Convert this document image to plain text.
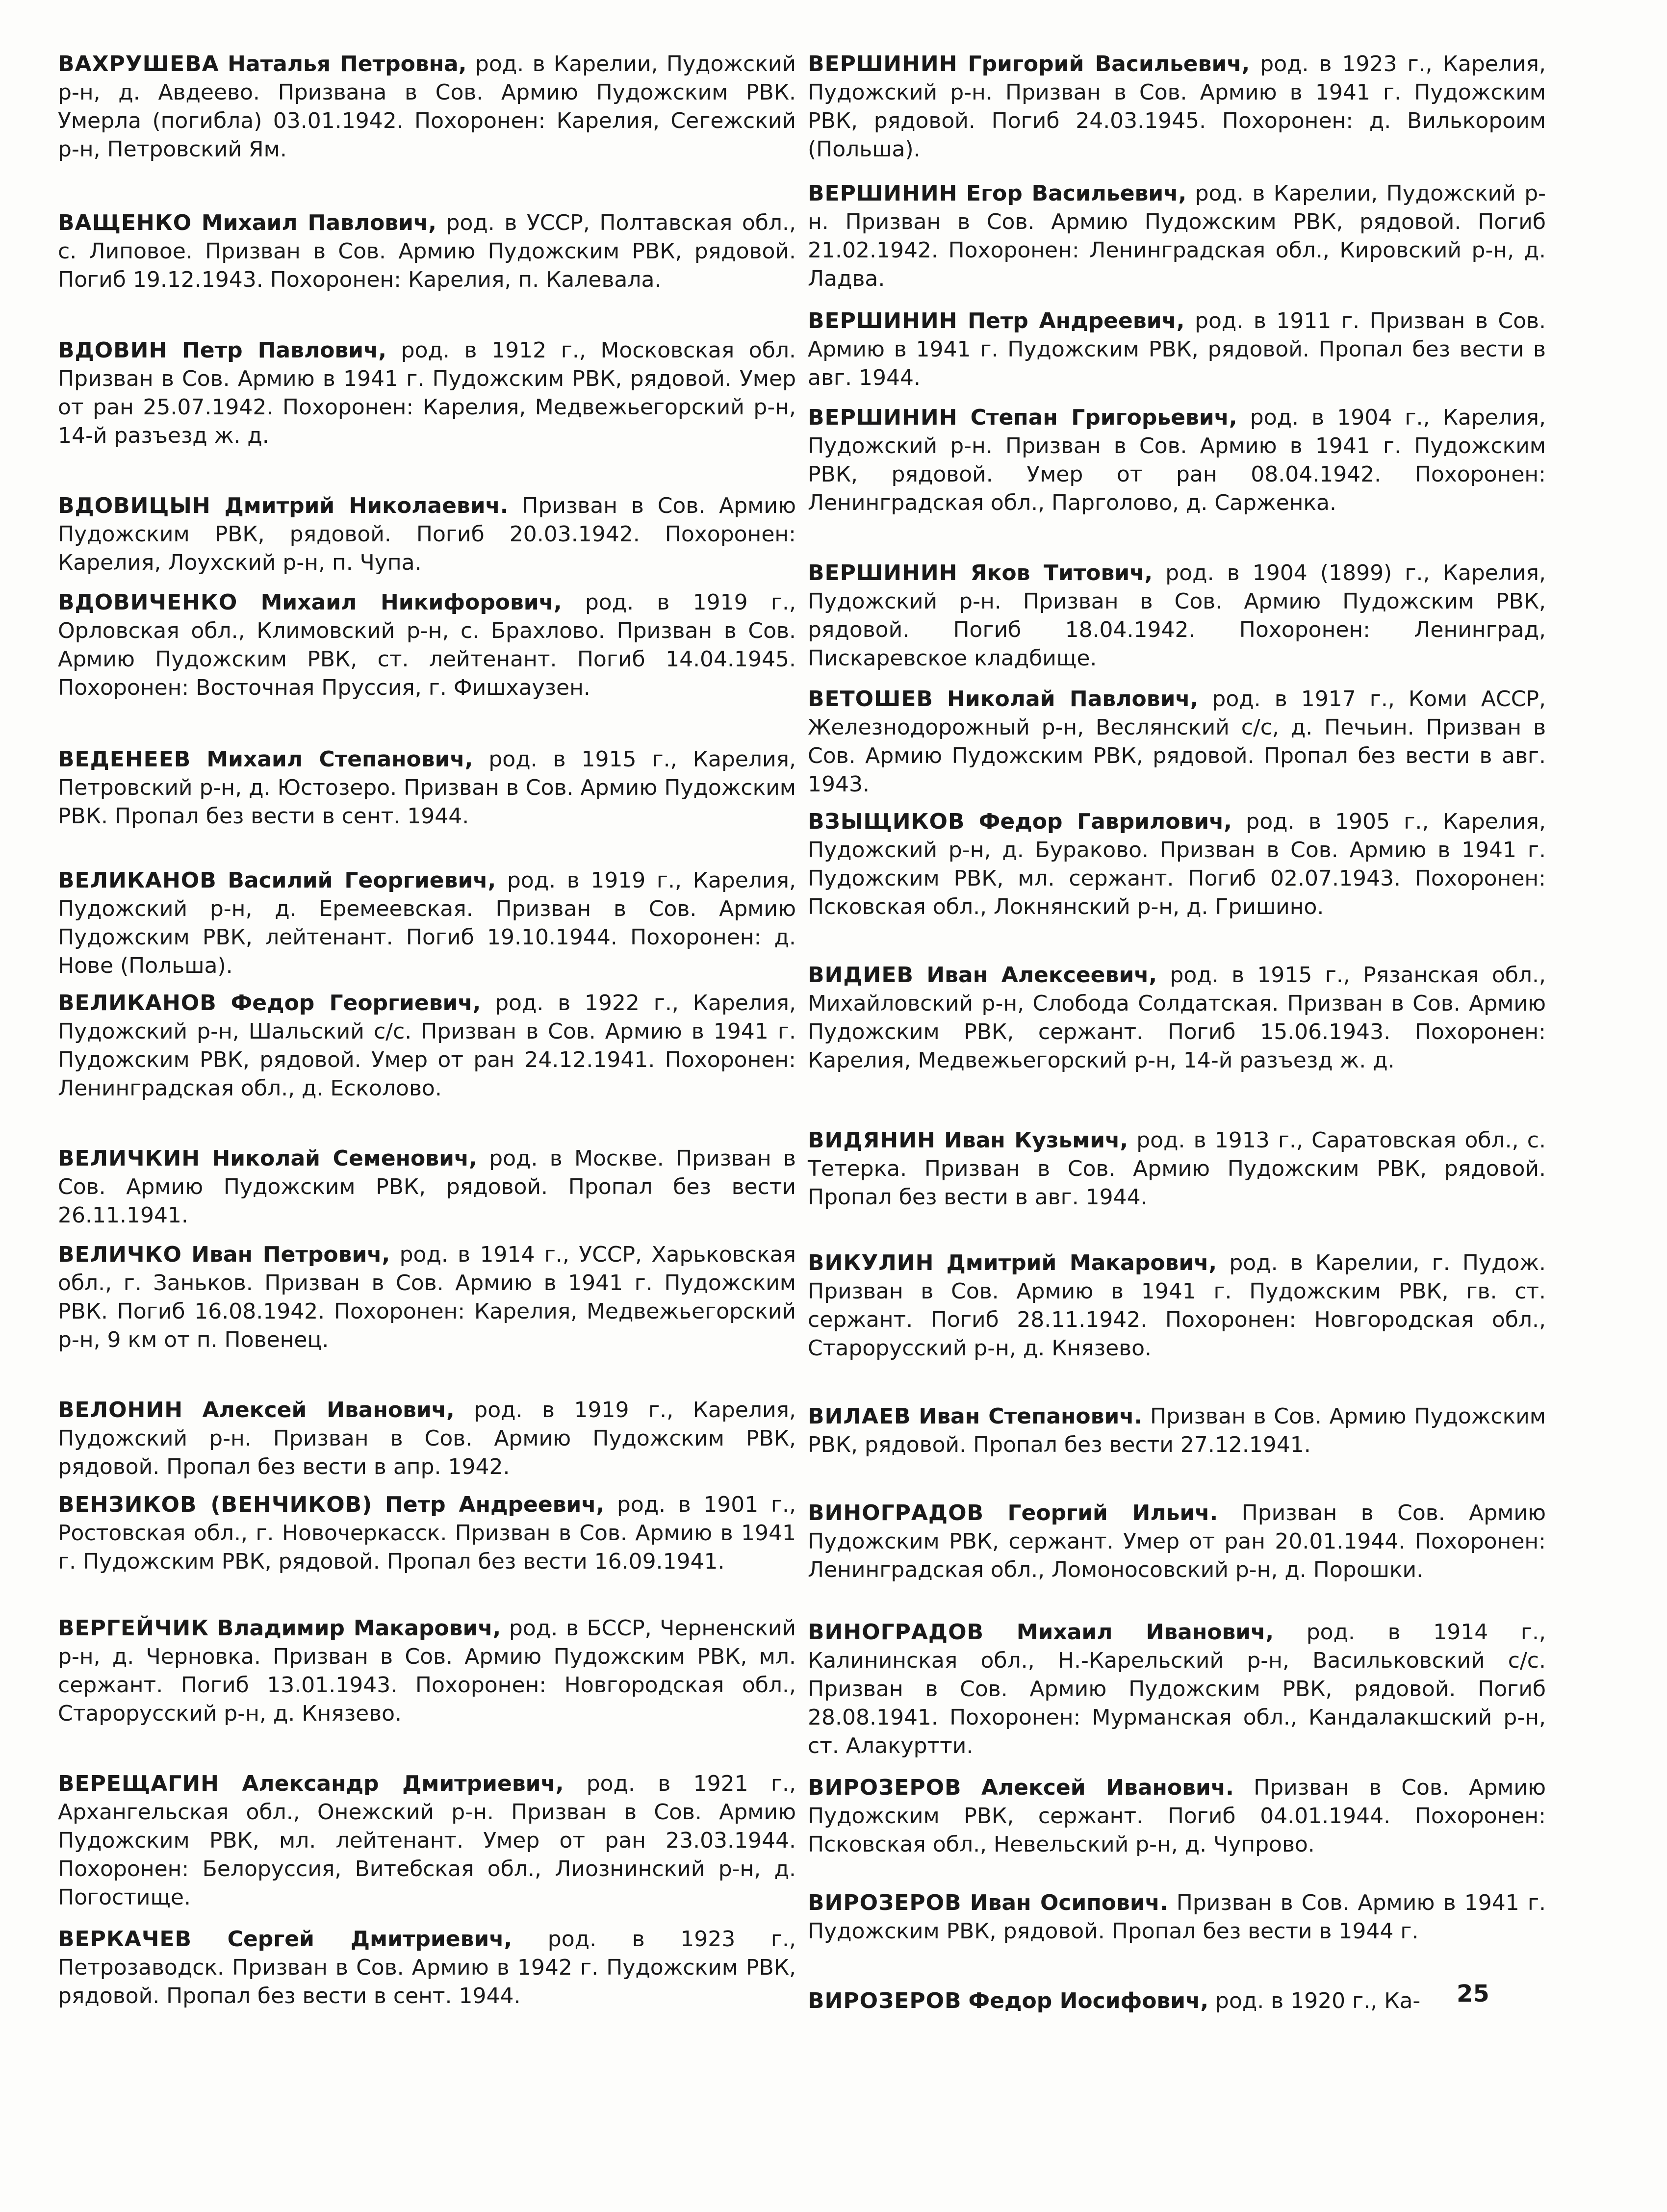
ВАХРУШЕВА Наталья Петровна, род. в Карелии, Пудожский р-н, д. Авдеево. Призвана в Сов. Армию Пудожским РВК. Умерла (погибла) 03.01.1942. Похоронен: Карелия, Сегежский р-н, Петровский Ям.

ВАЩЕНКО Михаил Павлович, род. в УССР, Полтавская обл., с. Липовое. Призван в Сов. Армию Пудожским РВК, рядовой. Погиб 19.12.1943. Похоронен: Карелия, п. Калевала.

ВДОВИН Петр Павлович, род. в 1912 г., Московская обл. Призван в Сов. Армию в 1941 г. Пудожским РВК, рядовой. Умер от ран 25.07.1942. Похоронен: Карелия, Медвежьегорский р-н, 14-й разъезд ж. д.

ВДОВИЦЫН Дмитрий Николаевич. Призван в Сов. Армию Пудожским РВК, рядовой. Погиб 20.03.1942. Похоронен: Карелия, Лоухский р-н, п. Чупа.

ВДОВИЧЕНКО Михаил Никифорович, род. в 1919 г., Орловская обл., Климовский р-н, с. Брахлово. Призван в Сов. Армию Пудожским РВК, ст. лейтенант. Погиб 14.04.1945. Похоронен: Восточная Пруссия, г. Фишхаузен.

ВЕДЕНЕЕВ Михаил Степанович, род. в 1915 г., Карелия, Петровский р-н, д. Юстозеро. Призван в Сов. Армию Пудожским РВК. Пропал без вести в сент. 1944.

ВЕЛИКАНОВ Василий Георгиевич, род. в 1919 г., Карелия, Пудожский р-н, д. Еремеевская. Призван в Сов. Армию Пудожским РВК, лейтенант. Погиб 19.10.1944. Похоронен: д. Нове (Польша).

ВЕЛИКАНОВ Федор Георгиевич, род. в 1922 г., Карелия, Пудожский р-н, Шальский с/с. Призван в Сов. Армию в 1941 г. Пудожским РВК, рядовой. Умер от ран 24.12.1941. Похоронен: Ленинградская обл., д. Есколово.

ВЕЛИЧКИН Николай Семенович, род. в Москве. Призван в Сов. Армию Пудожским РВК, рядовой. Пропал без вести 26.11.1941.

ВЕЛИЧКО Иван Петрович, род. в 1914 г., УССР, Харьковская обл., г. Заньков. Призван в Сов. Армию в 1941 г. Пудожским РВК. Погиб 16.08.1942. Похоронен: Карелия, Медвежьегорский р-н, 9 км от п. Повенец.

ВЕЛОНИН Алексей Иванович, род. в 1919 г., Карелия, Пудожский р-н. Призван в Сов. Армию Пудожским РВК, рядовой. Пропал без вести в апр. 1942.

ВЕНЗИКОВ (ВЕНЧИКОВ) Петр Андреевич, род. в 1901 г., Ростовская обл., г. Новочеркасск. Призван в Сов. Армию в 1941 г. Пудожским РВК, рядовой. Пропал без вести 16.09.1941.

ВЕРГЕЙЧИК Владимир Макарович, род. в БССР, Черненский р-н, д. Черновка. Призван в Сов. Армию Пудожским РВК, мл. сержант. Погиб 13.01.1943. Похоронен: Новгородская обл., Старорусский р-н, д. Князево.

ВЕРЕЩАГИН Александр Дмитриевич, род. в 1921 г., Архангельская обл., Онежский р-н. Призван в Сов. Армию Пудожским РВК, мл. лейтенант. Умер от ран 23.03.1944. Похоронен: Белоруссия, Витебская обл., Лиознинский р-н, д. Погостище.

ВЕРКАЧЕВ Сергей Дмитриевич, род. в 1923 г., Петрозаводск. Призван в Сов. Армию в 1942 г. Пудожским РВК, рядовой. Пропал без вести в сент. 1944.

ВЕРШИНИН Григорий Васильевич, род. в 1923 г., Карелия, Пудожский р-н. Призван в Сов. Армию в 1941 г. Пудожским РВК, рядовой. Погиб 24.03.1945. Похоронен: д. Вилькороим (Польша).

ВЕРШИНИН Егор Васильевич, род. в Карелии, Пудожский р-н. Призван в Сов. Армию Пудожским РВК, рядовой. Погиб 21.02.1942. Похоронен: Ленинградская обл., Кировский р-н, д. Ладва.

ВЕРШИНИН Петр Андреевич, род. в 1911 г. Призван в Сов. Армию в 1941 г. Пудожским РВК, рядовой. Пропал без вести в авг. 1944.

ВЕРШИНИН Степан Григорьевич, род. в 1904 г., Карелия, Пудожский р-н. Призван в Сов. Армию в 1941 г. Пудожским РВК, рядовой. Умер от ран 08.04.1942. Похоронен: Ленинградская обл., Парголово, д. Сарженка.

ВЕРШИНИН Яков Титович, род. в 1904 (1899) г., Карелия, Пудожский р-н. Призван в Сов. Армию Пудожским РВК, рядовой. Погиб 18.04.1942. Похоронен: Ленинград, Пискаревское кладбище.

ВЕТОШЕВ Николай Павлович, род. в 1917 г., Коми АССР, Железнодорожный р-н, Веслянский с/с, д. Печьин. Призван в Сов. Армию Пудожским РВК, рядовой. Пропал без вести в авг. 1943.

ВЗЫЩИКОВ Федор Гаврилович, род. в 1905 г., Карелия, Пудожский р-н, д. Бураково. Призван в Сов. Армию в 1941 г. Пудожским РВК, мл. сержант. Погиб 02.07.1943. Похоронен: Псковская обл., Локнянский р-н, д. Гришино.

ВИДИЕВ Иван Алексеевич, род. в 1915 г., Рязанская обл., Михайловский р-н, Слобода Солдатская. Призван в Сов. Армию Пудожским РВК, сержант. Погиб 15.06.1943. Похоронен: Карелия, Медвежьегорский р-н, 14-й разъезд ж. д.

ВИДЯНИН Иван Кузьмич, род. в 1913 г., Саратовская обл., с. Тетерка. Призван в Сов. Армию Пудожским РВК, рядовой. Пропал без вести в авг. 1944.

ВИКУЛИН Дмитрий Макарович, род. в Карелии, г. Пудож. Призван в Сов. Армию в 1941 г. Пудожским РВК, гв. ст. сержант. Погиб 28.11.1942. Похоронен: Новгородская обл., Старорусский р-н, д. Князево.

ВИЛАЕВ Иван Степанович. Призван в Сов. Армию Пудожским РВК, рядовой. Пропал без вести 27.12.1941.

ВИНОГРАДОВ Георгий Ильич. Призван в Сов. Армию Пудожским РВК, сержант. Умер от ран 20.01.1944. Похоронен: Ленинградская обл., Ломоносовский р-н, д. Порошки.

ВИНОГРАДОВ Михаил Иванович, род. в 1914 г., Калининская обл., Н.-Карельский р-н, Васильковский с/с. Призван в Сов. Армию Пудожским РВК, рядовой. Погиб 28.08.1941. Похоронен: Мурманская обл., Кандалакшский р-н, ст. Алакуртти.

ВИРОЗЕРОВ Алексей Иванович. Призван в Сов. Армию Пудожским РВК, сержант. Погиб 04.01.1944. Похоронен: Псковская обл., Невельский р-н, д. Чупрово.

ВИРОЗЕРОВ Иван Осипович. Призван в Сов. Армию в 1941 г. Пудожским РВК, рядовой. Пропал без вести в 1944 г.

ВИРОЗЕРОВ Федор Иосифович, род. в 1920 г., Ка-	25
